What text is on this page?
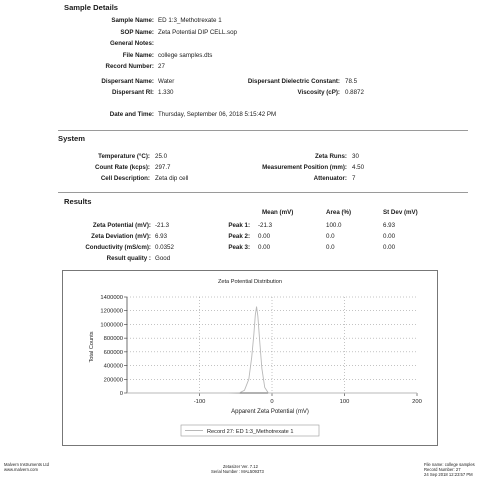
Sample Details
Sample Name: ED 1:3_Methotrexate 1
SOP Name: Zeta Potential DIP CELL.sop
General Notes:
File Name: college samples.dts
Record Number: 27
Dispersant Name: Water
Dispersant RI: 1.330
Dispersant Dielectric Constant: 78.5
Viscosity (cP): 0.8872
Date and Time: Thursday, September 06, 2018 5:15:42 PM
System
Temperature (°C): 25.0
Count Rate (kcps): 297.7
Cell Description: Zeta dip cell
Zeta Runs: 30
Measurement Position (mm): 4.50
Attenuator: 7
Results
Mean (mV)	Area (%)	St Dev (mV)
Zeta Potential (mV): -21.3
Zeta Deviation (mV): 6.93
Conductivity (mS/cm): 0.0352
Result quality : Good
Peak 1: -21.3	100.0	6.93
Peak 2: 0.00	0.0	0.00
Peak 3: 0.00	0.0	0.00
Zeta Potential Distribution
Apparent Zeta Potential (mV)
Total Counts
0
200000
400000
600000
800000
1000000
1200000
1400000
-100	0	100	200
Record 27: ED 1:3_Methotrexate 1
Malvern Instruments Ltd
www.malvern.com
Zetasizer Ver. 7.12
Serial Number : MAL509373
File name: college samples
Record Number: 27
24 Sep 2018 12:23:57 PM
